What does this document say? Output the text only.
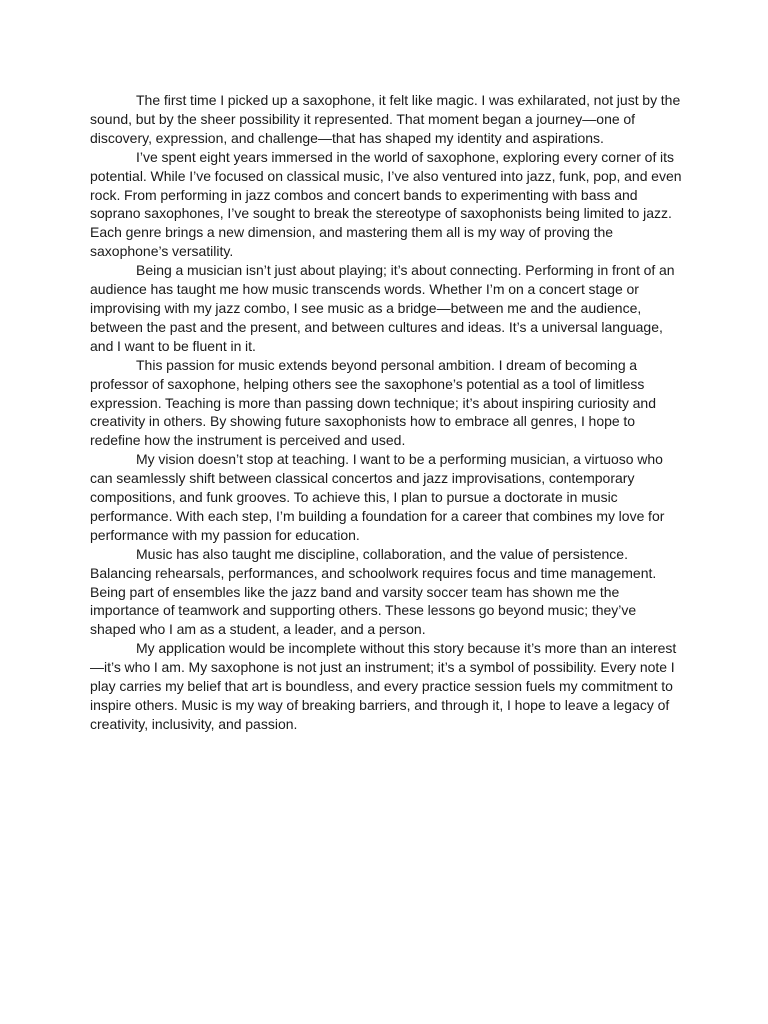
The first time I picked up a saxophone, it felt like magic. I was exhilarated, not just by the sound, but by the sheer possibility it represented. That moment began a journey—one of discovery, expression, and challenge—that has shaped my identity and aspirations.

I’ve spent eight years immersed in the world of saxophone, exploring every corner of its potential. While I’ve focused on classical music, I’ve also ventured into jazz, funk, pop, and even rock. From performing in jazz combos and concert bands to experimenting with bass and soprano saxophones, I’ve sought to break the stereotype of saxophonists being limited to jazz. Each genre brings a new dimension, and mastering them all is my way of proving the saxophone’s versatility.

Being a musician isn’t just about playing; it’s about connecting. Performing in front of an audience has taught me how music transcends words. Whether I’m on a concert stage or improvising with my jazz combo, I see music as a bridge—between me and the audience, between the past and the present, and between cultures and ideas. It’s a universal language, and I want to be fluent in it.

This passion for music extends beyond personal ambition. I dream of becoming a professor of saxophone, helping others see the saxophone’s potential as a tool of limitless expression. Teaching is more than passing down technique; it’s about inspiring curiosity and creativity in others. By showing future saxophonists how to embrace all genres, I hope to redefine how the instrument is perceived and used.

My vision doesn’t stop at teaching. I want to be a performing musician, a virtuoso who can seamlessly shift between classical concertos and jazz improvisations, contemporary compositions, and funk grooves. To achieve this, I plan to pursue a doctorate in music performance. With each step, I’m building a foundation for a career that combines my love for performance with my passion for education.

Music has also taught me discipline, collaboration, and the value of persistence. Balancing rehearsals, performances, and schoolwork requires focus and time management. Being part of ensembles like the jazz band and varsity soccer team has shown me the importance of teamwork and supporting others. These lessons go beyond music; they’ve shaped who I am as a student, a leader, and a person.

My application would be incomplete without this story because it’s more than an interest—it’s who I am. My saxophone is not just an instrument; it’s a symbol of possibility. Every note I play carries my belief that art is boundless, and every practice session fuels my commitment to inspire others. Music is my way of breaking barriers, and through it, I hope to leave a legacy of creativity, inclusivity, and passion.
